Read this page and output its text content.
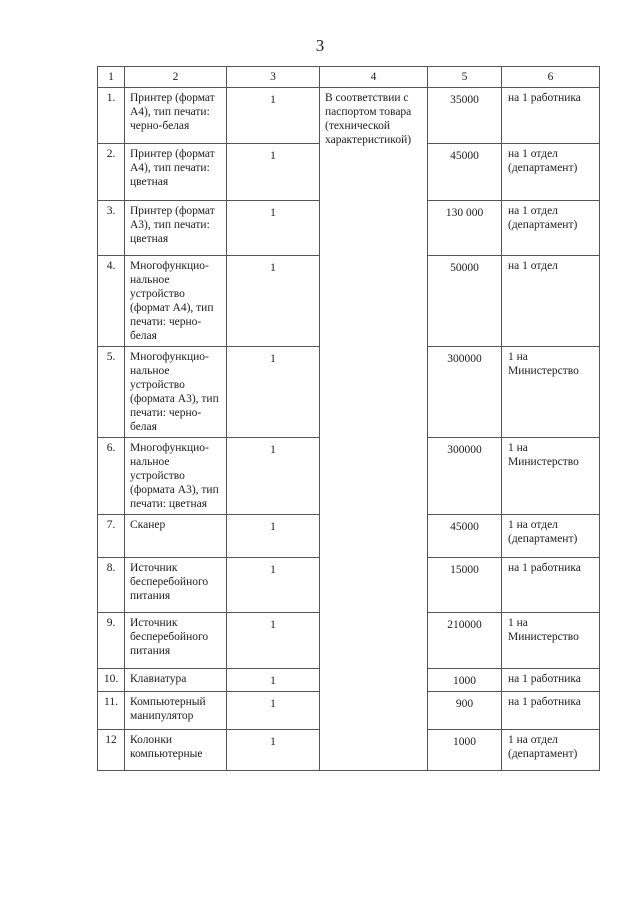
3
1	2	3	4	5	6
1.	Принтер (формат А4), тип печати: черно-белая	1	В соответствии с паспортом товара (технической характеристикой)	35000	на 1 работника
2.	Принтер (формат А4), тип печати: цветная	1		45000	на 1 отдел (департамент)
3.	Принтер (формат А3), тип печати: цветная	1		130 000	на 1 отдел (департамент)
4.	Многофункцио-нальное устройство (формат А4), тип печати: черно-белая	1		50000	на 1 отдел
5.	Многофункцио-нальное устройство (формата А3), тип печати: черно-белая	1		300000	1 на Министерство
6.	Многофункцио-нальное устройство (формата А3), тип печати: цветная	1		300000	1 на Министерство
7.	Сканер	1		45000	1 на отдел (департамент)
8.	Источник бесперебойного питания	1		15000	на 1 работника
9.	Источник бесперебойного питания	1		210000	1 на Министерство
10.	Клавиатура	1		1000	на 1 работника
11.	Компьютерный манипулятор	1		900	на 1 работника
12	Колонки компьютерные	1		1000	1 на отдел (департамент)
